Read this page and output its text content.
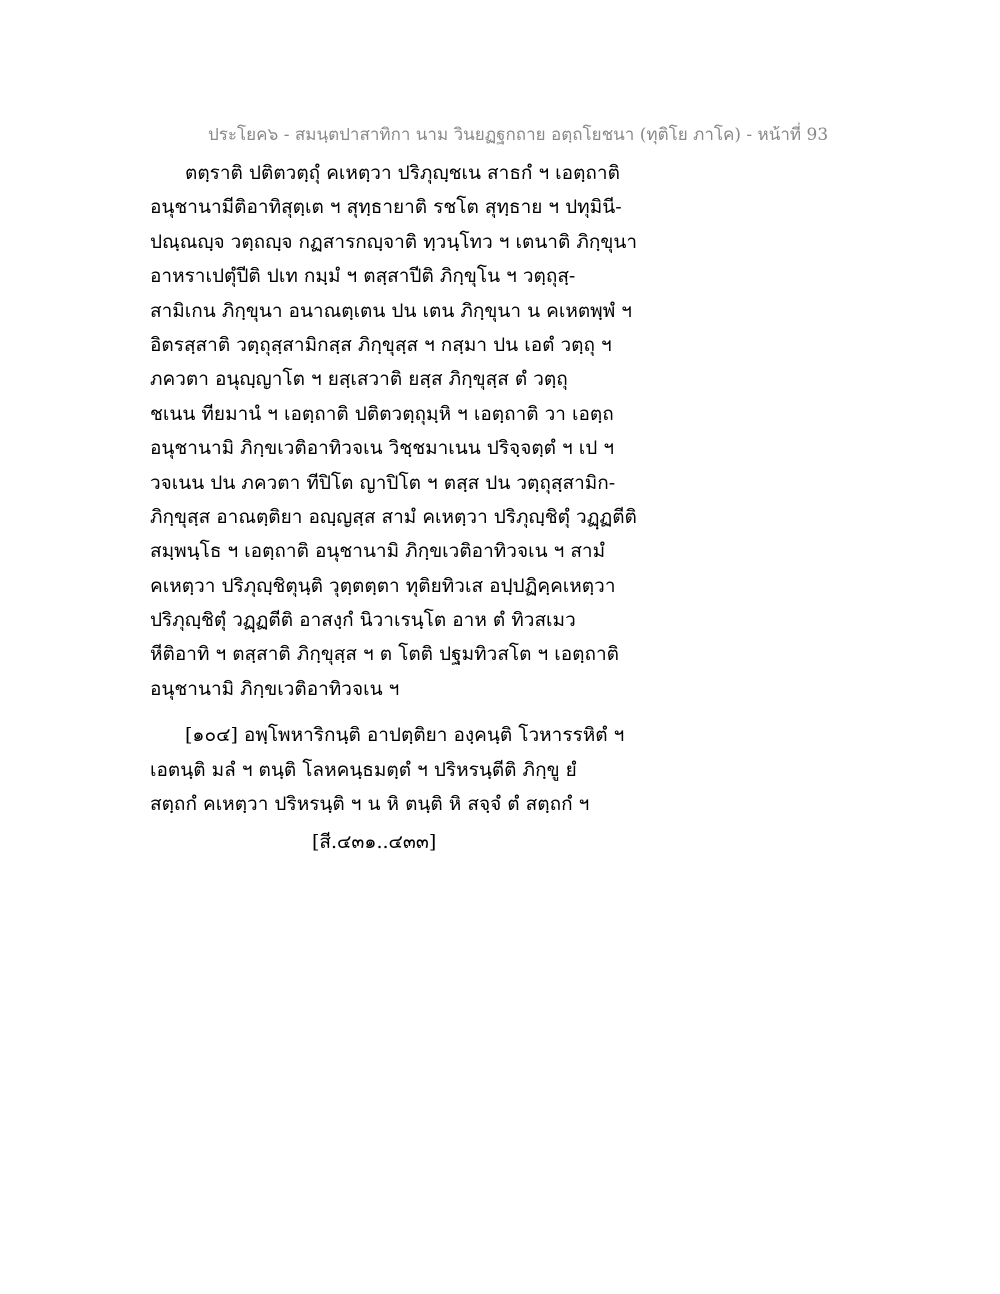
ประโยค๖ - สมนฺตปาสาทิกา นาม วินยฏฐกถาย อตฺถโยชนา (ทุติโย ภาโค) - หน้าที่ 93
ตตฺราติ ปติตวตฺถุํ คเหตฺวา ปริภุญฺชเน สาธกํ ฯ เอตฺถาติ
อนุชานามีติอาทิสุตฺเต ฯ สุทฺธายาติ รชโต สุทฺธาย ฯ ปทุมินี-
ปณฺณญฺจ วตฺถญฺจ กฏสารกญฺจาติ ทฺวนฺโทว ฯ เตนาติ ภิกฺขุนา
อาหราเปตุํปีติ ปเท กมฺมํ ฯ ตสฺสาปีติ ภิกฺขุโน ฯ วตฺถุสฺ-
สามิเกน ภิกฺขุนา อนาณตฺเตน ปน เตน ภิกฺขุนา น คเหตพฺพํ ฯ
อิตรสฺสาติ วตฺถุสฺสามิกสฺส ภิกฺขุสฺส ฯ กสฺมา ปน เอตํ วตฺถุ ฯ
ภควตา อนุญฺญาโต ฯ ยสฺเสวาติ ยสฺส ภิกฺขุสฺส ตํ วตฺถุ
ชเนน ทียมานํ ฯ เอตฺถาติ ปติตวตฺถุมฺหิ ฯ เอตฺถาติ วา เอตฺถ
อนุชานามิ ภิกฺขเวติอาทิวจเน วิชฺชมาเนน ปริจฺจตฺตํ ฯ เป ฯ
วจเนน ปน ภควตา ทีปิโต ญาปิโต ฯ ตสฺส ปน วตฺถุสฺสามิก-
ภิกฺขุสฺส อาณตฺติยา อญฺญสฺส สามํ คเหตฺวา ปริภุญฺชิตุํ วฏฺฏตีติ
สมฺพนฺโธ ฯ เอตฺถาติ อนุชานามิ ภิกฺขเวติอาทิวจเน ฯ สามํ
คเหตฺวา ปริภุญฺชิตุนฺติ วุตฺตตฺตา ทุติยทิวเส อปฺปฏิคฺคเหตฺวา
ปริภุญฺชิตุํ วฏฺฏตีติ อาสงฺกํ นิวาเรนฺโต อาห ตํ ทิวสเมว
หีติอาทิ ฯ ตสฺสาติ ภิกฺขุสฺส ฯ ต โตติ ปฐมทิวสโต ฯ เอตฺถาติ
อนุชานามิ ภิกฺขเวติอาทิวจเน ฯ
[๑๐๔] อพฺโพหาริกนฺติ อาปตฺติยา องฺคนฺติ โวหารรหิตํ ฯ
เอตนฺติ มลํ ฯ ตนฺติ โลหคนฺธมตฺตํ ฯ ปริหรนฺตีติ ภิกฺขู ยํ
สตฺถกํ คเหตฺวา ปริหรนฺติ ฯ น หิ ตนฺติ หิ สจฺจํ ตํ สตฺถกํ ฯ
[สี.๔๓๑..๔๓๓]
